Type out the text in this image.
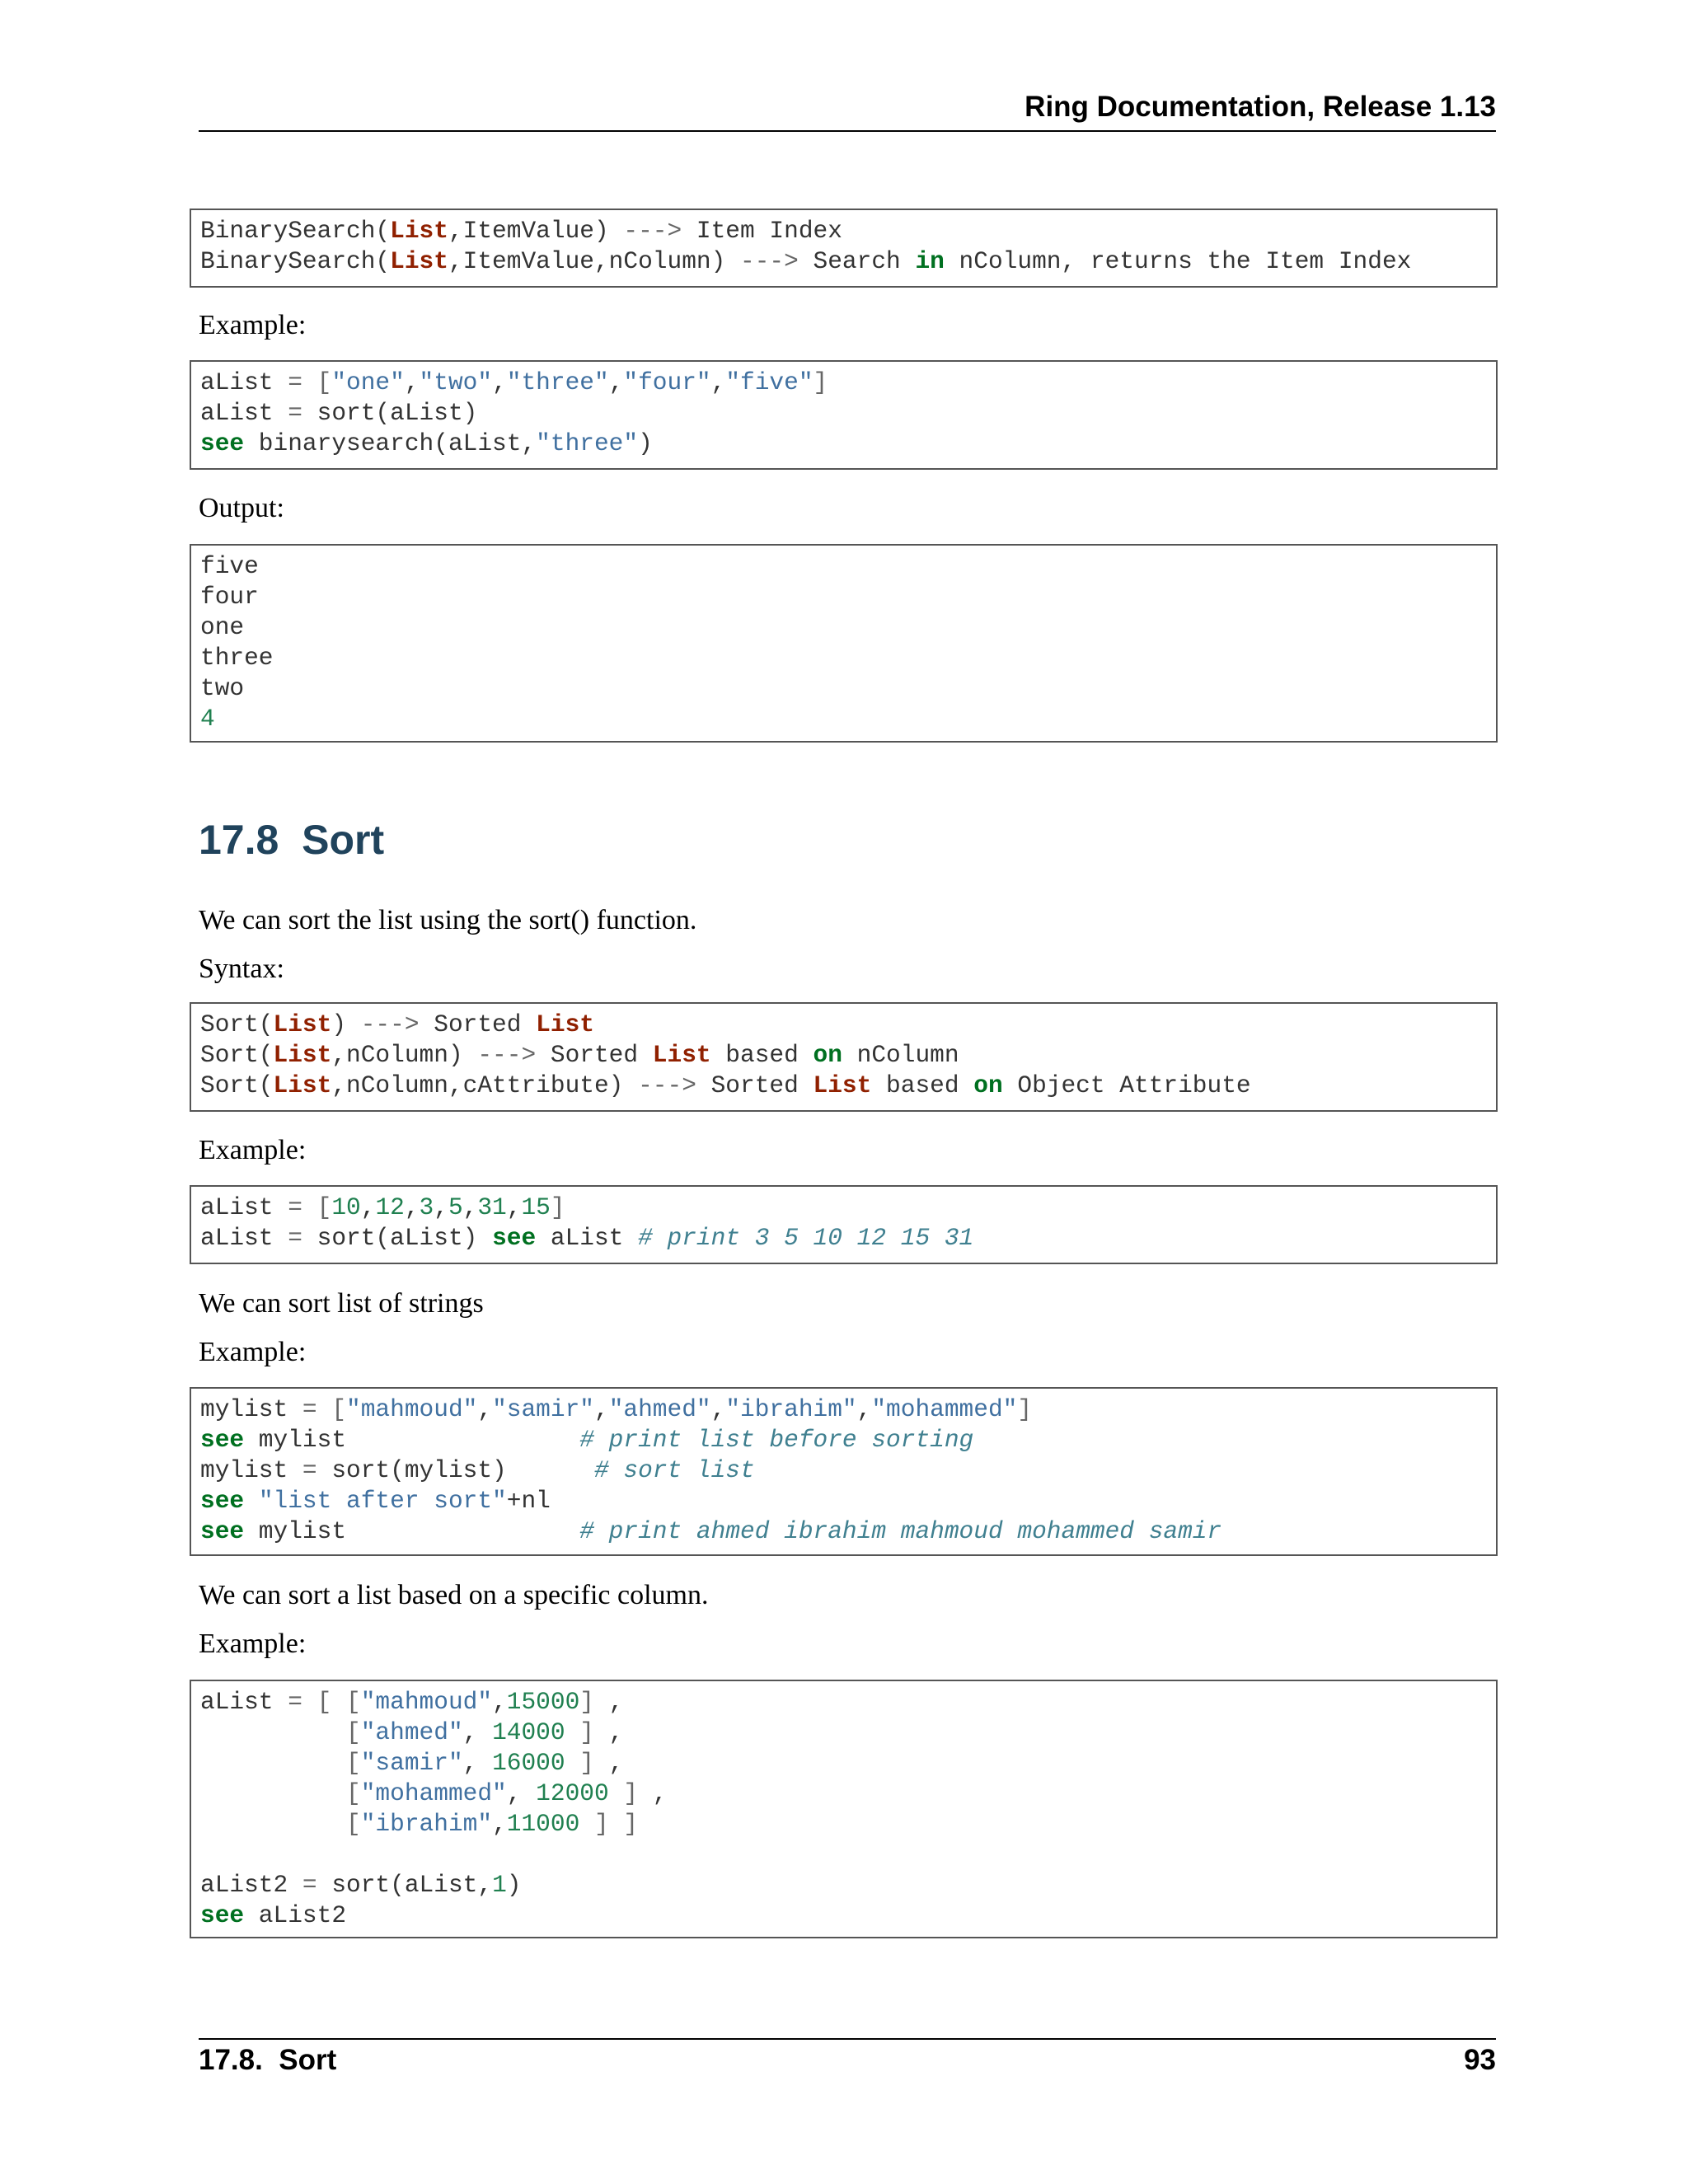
Ring Documentation, Release 1.13
BinarySearch(List,ItemValue) ---> Item Index
BinarySearch(List,ItemValue,nColumn) ---> Search in nColumn, returns the Item Index
Example:
aList = ["one","two","three","four","five"]
aList = sort(aList)
see binarysearch(aList,"three")
Output:
five
four
one
three
two
4
17.8 Sort
We can sort the list using the sort() function.
Syntax:
Sort(List) ---> Sorted List
Sort(List,nColumn) ---> Sorted List based on nColumn
Sort(List,nColumn,cAttribute) ---> Sorted List based on Object Attribute
Example:
aList = [10,12,3,5,31,15]
aList = sort(aList) see aList # print 3 5 10 12 15 31
We can sort list of strings
Example:
mylist = ["mahmoud","samir","ahmed","ibrahim","mohammed"]
see mylist                # print list before sorting
mylist = sort(mylist)      # sort list
see "list after sort"+nl
see mylist                # print ahmed ibrahim mahmoud mohammed samir
We can sort a list based on a specific column.
Example:
aList = [ ["mahmoud",15000] ,
["ahmed", 14000 ] ,
["samir", 16000 ] ,
["mohammed", 12000 ] ,
["ibrahim",11000 ] ]
aList2 = sort(aList,1)
see aList2
17.8.  Sort	93
